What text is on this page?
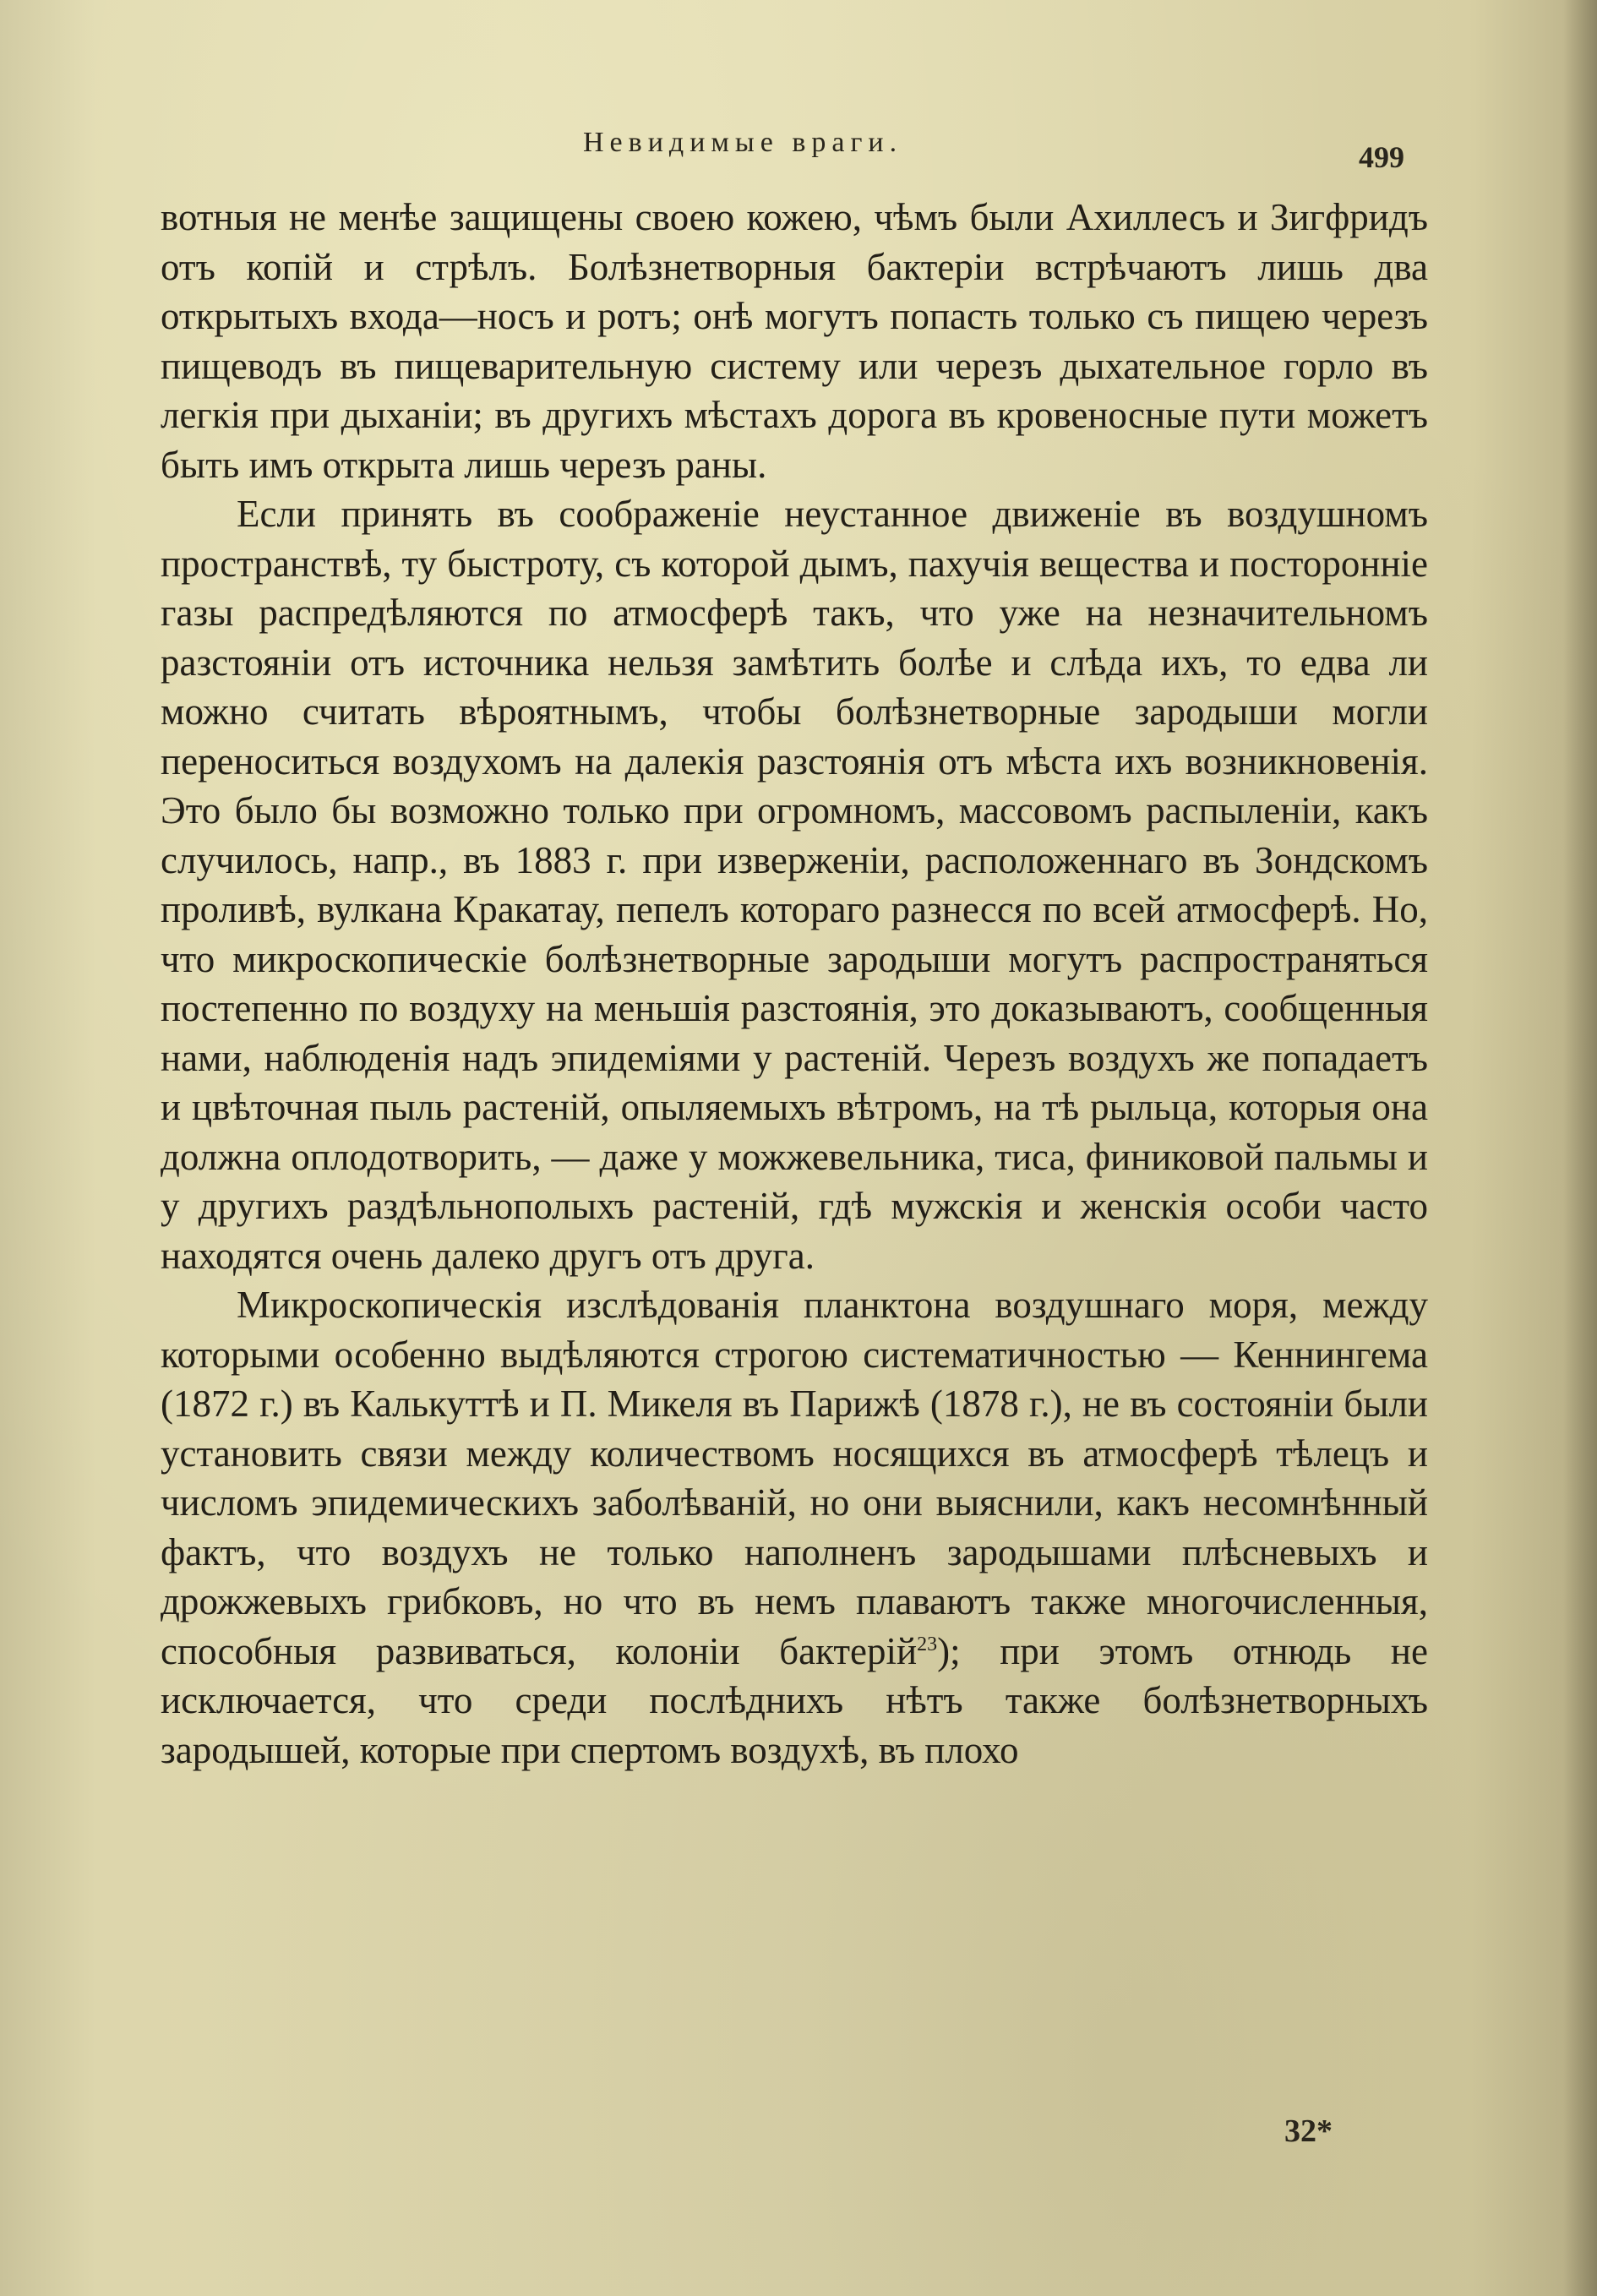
Невидимые враги.	499

вотныя не менѣе защищены своею кожею, чѣмъ были Ахиллесъ и Зигфридъ отъ копій и стрѣлъ. Болѣзнетворныя бактеріи встрѣчаютъ лишь два открытыхъ входа—носъ и ротъ; онѣ могутъ попасть только съ пищею черезъ пищеводъ въ пищеварительную систему или черезъ дыхательное горло въ легкія при дыханіи; въ другихъ мѣстахъ дорога въ кровеносные пути можетъ быть имъ открыта лишь черезъ раны.

Если принять въ соображеніе неустанное движеніе въ воздушномъ пространствѣ, ту быстроту, съ которой дымъ, пахучія вещества и посторонніе газы распредѣляются по атмосферѣ такъ, что уже на незначительномъ разстояніи отъ источника нельзя замѣтить болѣе и слѣда ихъ, то едва ли можно считать вѣроятнымъ, чтобы болѣзнетворные зародыши могли переноситься воздухомъ на далекія разстоянія отъ мѣста ихъ возникновенія. Это было бы возможно только при огромномъ, массовомъ распыленіи, какъ случилось, напр., въ 1883 г. при изверженіи, расположеннаго въ Зондскомъ проливѣ, вулкана Кракатау, пепелъ котораго разнесся по всей атмосферѣ. Но, что микроскопическіе болѣзнетворные зародыши могутъ распространяться постепенно по воздуху на меньшія разстоянія, это доказываютъ, сообщенныя нами, наблюденія надъ эпидеміями у растеній. Черезъ воздухъ же попадаетъ и цвѣточная пыль растеній, опыляемыхъ вѣтромъ, на тѣ рыльца, которыя она должна оплодотворить, — даже у можжевельника, тиса, финиковой пальмы и у другихъ раздѣльнополыхъ растеній, гдѣ мужскія и женскія особи часто находятся очень далеко другъ отъ друга.

Микроскопическія изслѣдованія планктона воздушнаго моря, между которыми особенно выдѣляются строгою систематичностью — Кеннингема (1872 г.) въ Калькуттѣ и П. Микеля въ Парижѣ (1878 г.), не въ состояніи были установить связи между количествомъ носящихся въ атмосферѣ тѣлецъ и числомъ эпидемическихъ заболѣваній, но они выяснили, какъ несомнѣнный фактъ, что воздухъ не только наполненъ зародышами плѣсневыхъ и дрожжевыхъ грибковъ, но что въ немъ плаваютъ также многочисленныя, способныя развиваться, колоніи бактерій$^{23}$); при этомъ отнюдь не исключается, что среди послѣднихъ нѣтъ также болѣзнетворныхъ зародышей, которые при спертомъ воздухѣ, въ плохо

32*
